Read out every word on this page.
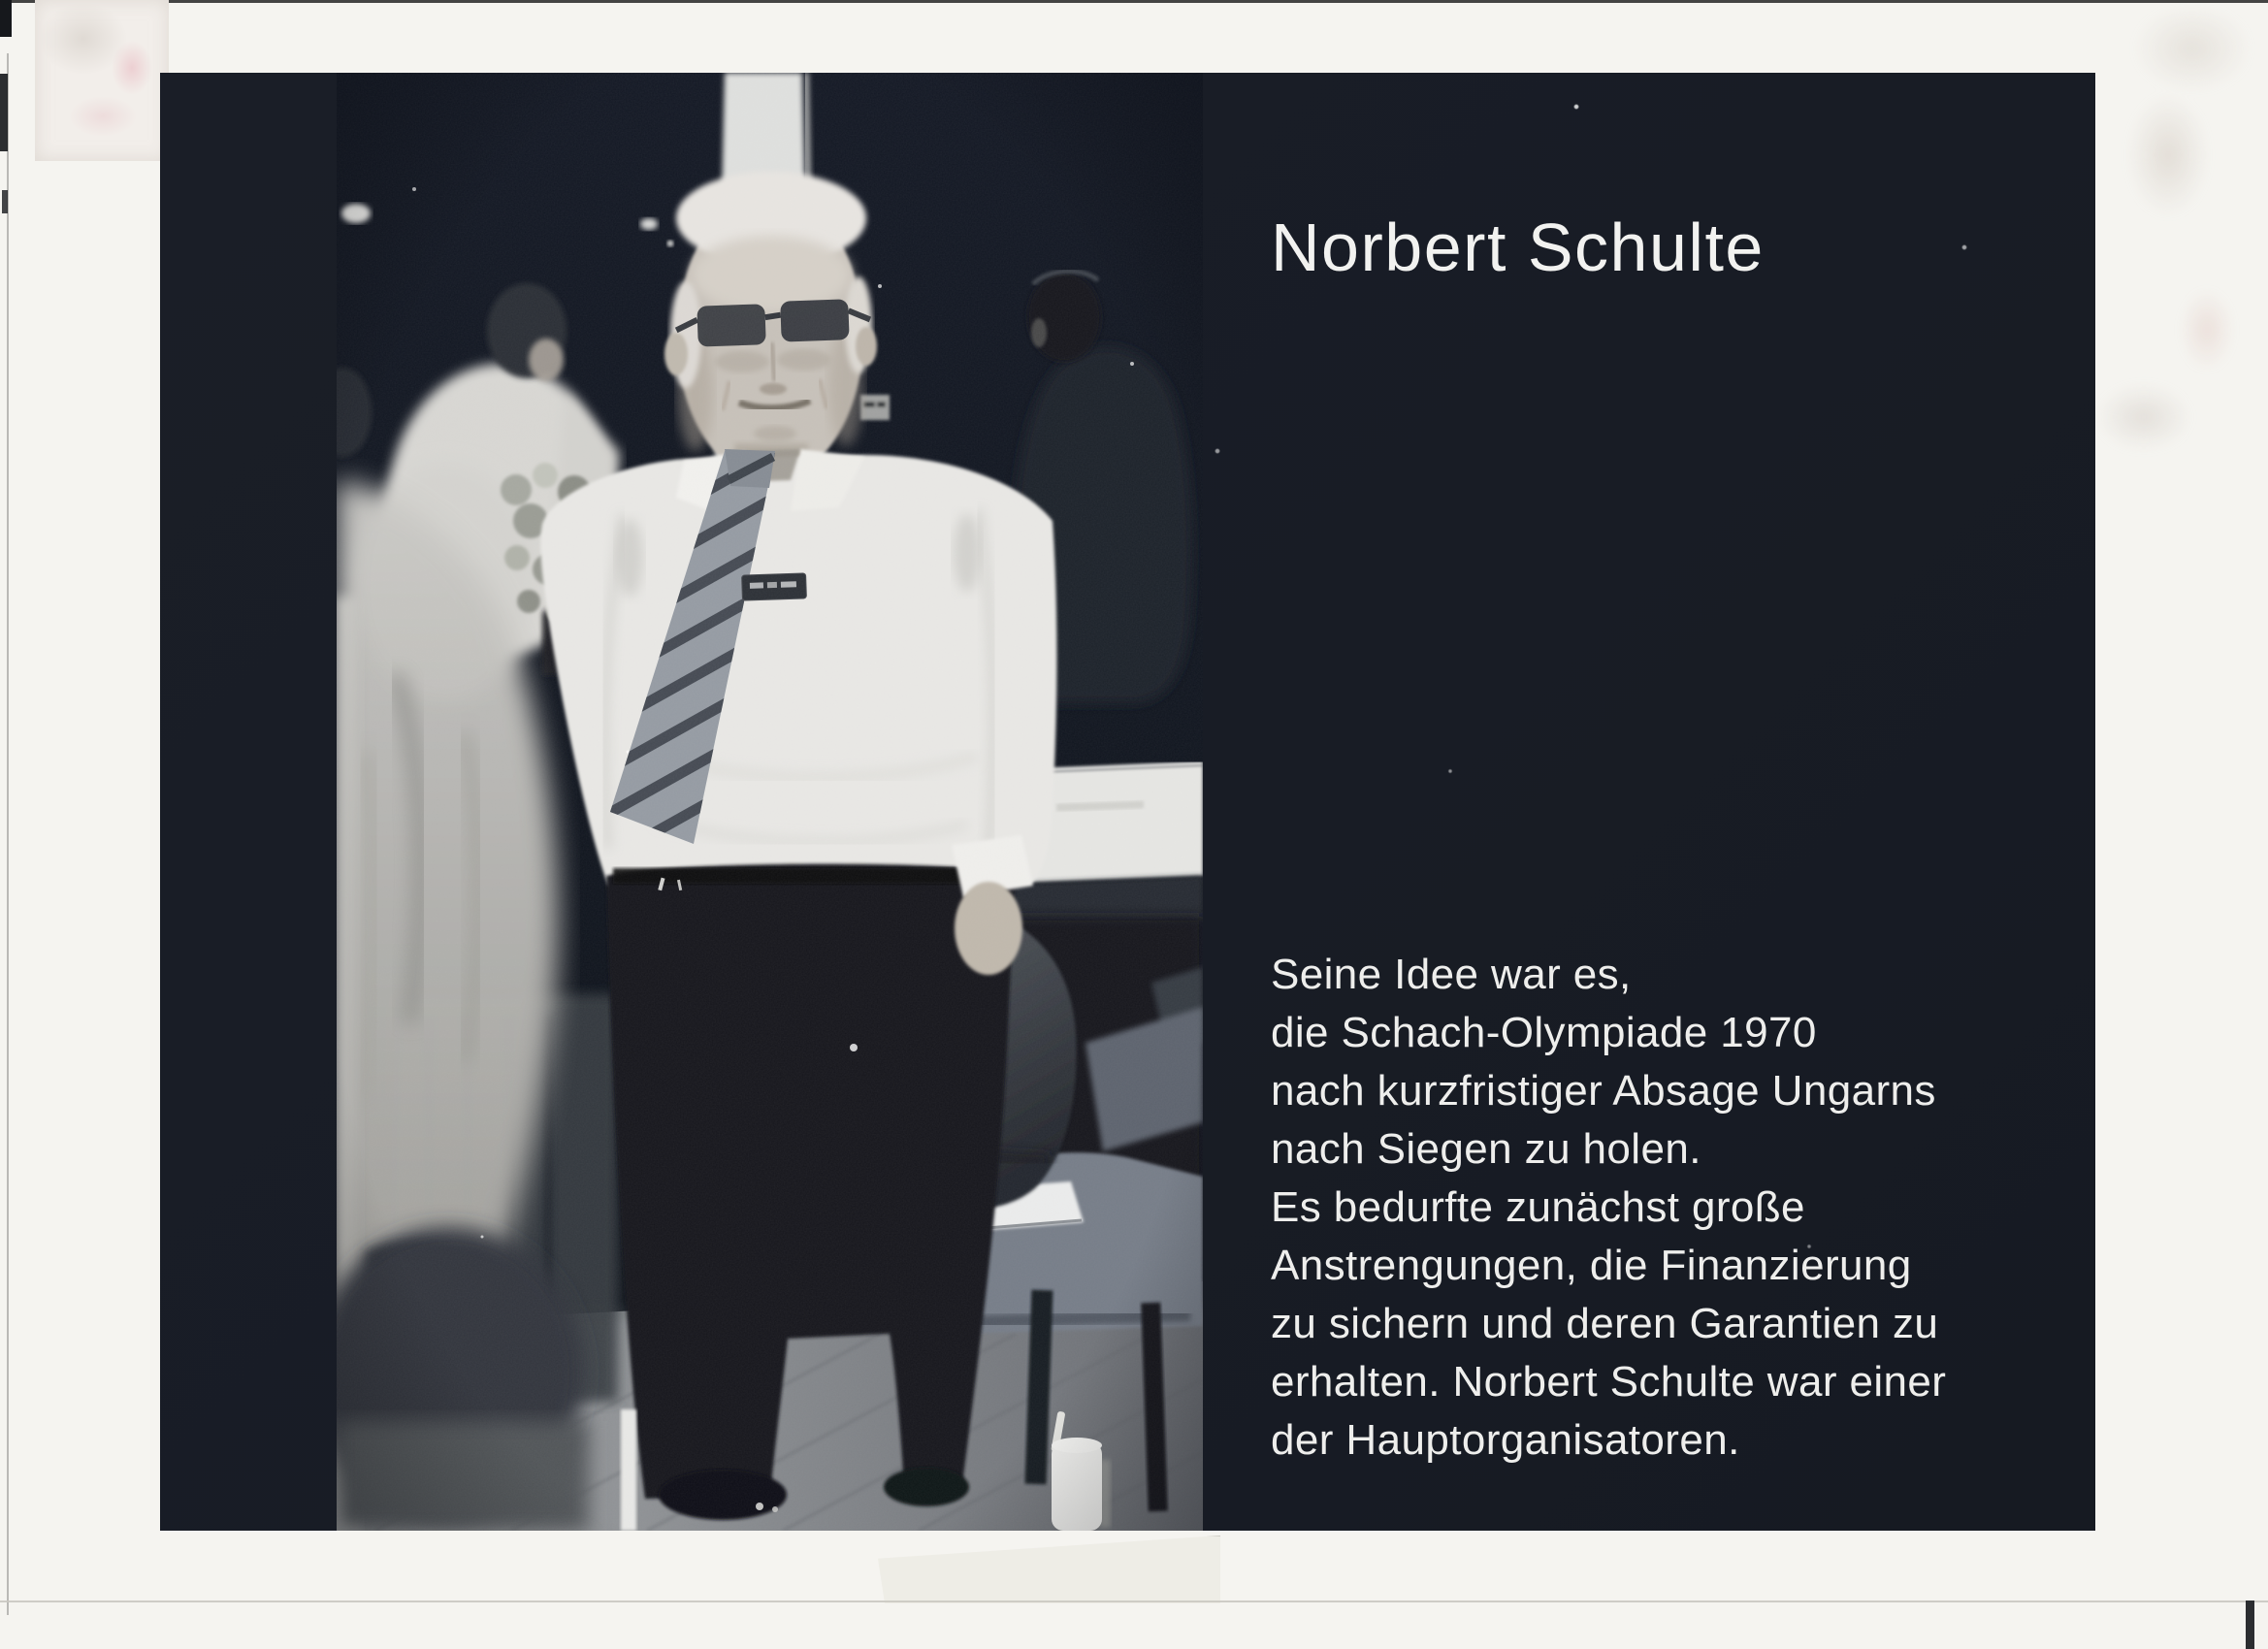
Norbert Schulte
Seine Idee war es,
die Schach-Olympiade 1970
nach kurzfristiger Absage Ungarns
nach Siegen zu holen.
Es bedurfte zunächst große
Anstrengungen, die Finanzierung
zu sichern und deren Garantien zu
erhalten. Norbert Schulte war einer
der Hauptorganisatoren.
